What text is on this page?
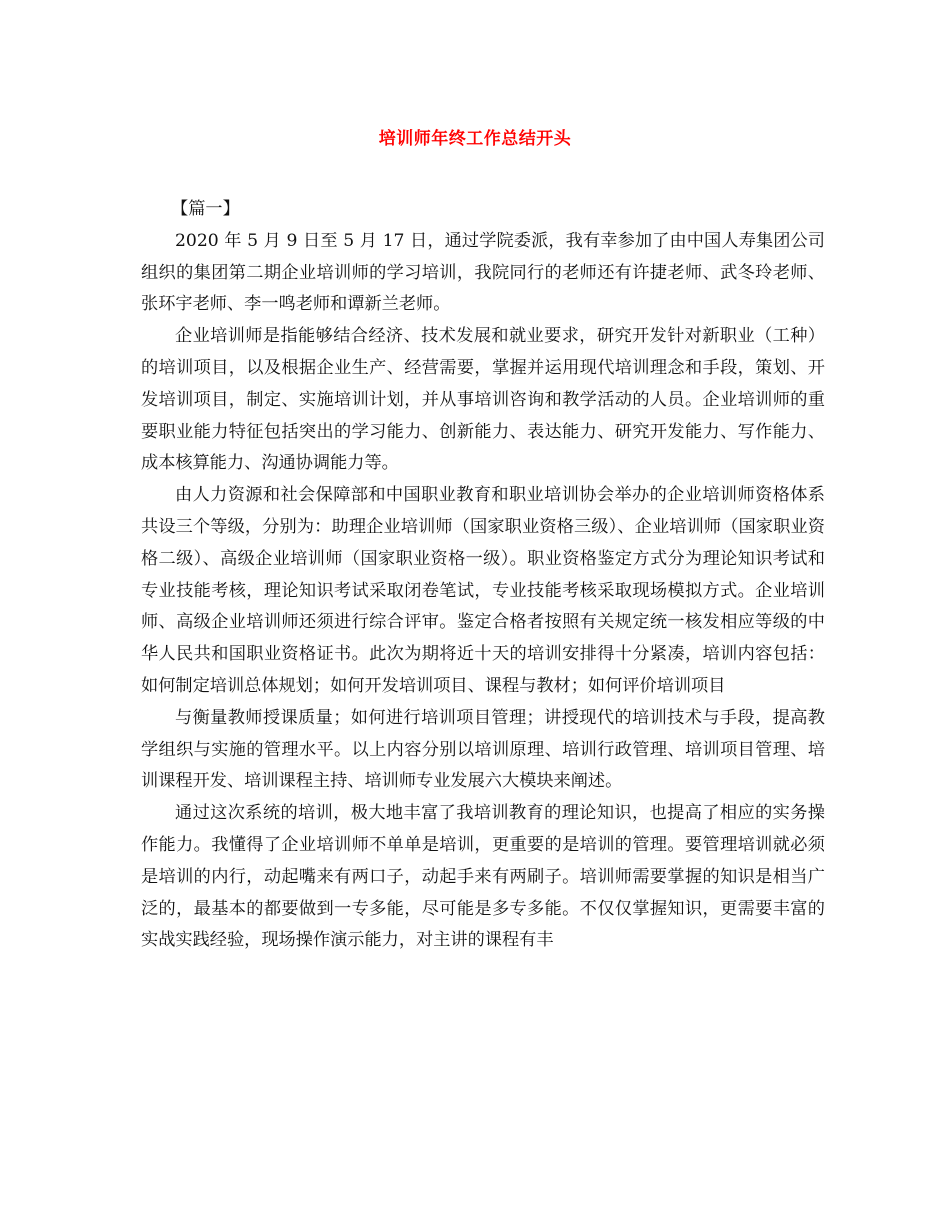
培训师年终工作总结开头

【篇一】

2020 年 5 月 9 日至 5 月 17 日，通过学院委派，我有幸参加了由中国人寿集团公司组织的集团第二期企业培训师的学习培训，我院同行的老师还有许捷老师、武冬玲老师、张环宇老师、李一鸣老师和谭新兰老师。

企业培训师是指能够结合经济、技术发展和就业要求，研究开发针对新职业（工种）的培训项目，以及根据企业生产、经营需要，掌握并运用现代培训理念和手段，策划、开发培训项目，制定、实施培训计划，并从事培训咨询和教学活动的人员。企业培训师的重要职业能力特征包括突出的学习能力、创新能力、表达能力、研究开发能力、写作能力、成本核算能力、沟通协调能力等。

由人力资源和社会保障部和中国职业教育和职业培训协会举办的企业培训师资格体系共设三个等级，分别为：助理企业培训师（国家职业资格三级）、企业培训师（国家职业资格二级）、高级企业培训师（国家职业资格一级）。职业资格鉴定方式分为理论知识考试和专业技能考核，理论知识考试采取闭卷笔试，专业技能考核采取现场模拟方式。企业培训师、高级企业培训师还须进行综合评审。鉴定合格者按照有关规定统一核发相应等级的中华人民共和国职业资格证书。此次为期将近十天的培训安排得十分紧凑，培训内容包括：如何制定培训总体规划；如何开发培训项目、课程与教材；如何评价培训项目

与衡量教师授课质量；如何进行培训项目管理；讲授现代的培训技术与手段，提高教学组织与实施的管理水平。以上内容分别以培训原理、培训行政管理、培训项目管理、培训课程开发、培训课程主持、培训师专业发展六大模块来阐述。

通过这次系统的培训，极大地丰富了我培训教育的理论知识，也提高了相应的实务操作能力。我懂得了企业培训师不单单是培训，更重要的是培训的管理。要管理培训就必须是培训的内行，动起嘴来有两口子，动起手来有两刷子。培训师需要掌握的知识是相当广泛的，最基本的都要做到一专多能，尽可能是多专多能。不仅仅掌握知识，更需要丰富的实战实践经验，现场操作演示能力，对主讲的课程有丰
